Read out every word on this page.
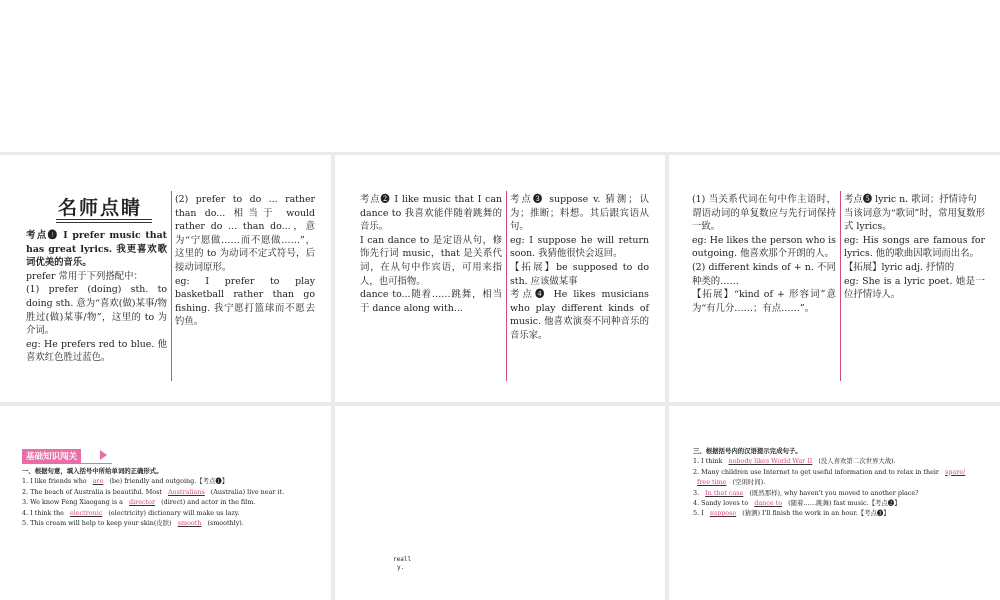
名师点睛

考点❶ I prefer music that has great lyrics. 我更喜欢歌词优美的音乐。

prefer 常用于下列搭配中：

(1) prefer (doing) sth. to doing sth. 意为“喜欢(做)某事/物胜过(做)某事/物”，这里的 to 为介词。

eg: He prefers red to blue. 他喜欢红色胜过蓝色。

(2) prefer to do ... rather than do... 相当于 would rather do ... than do...，意为“宁愿做……而不愿做……”，这里的 to 为动词不定式符号，后接动词原形。

eg: I prefer to play basketball rather than go fishing. 我宁愿打篮球而不愿去钓鱼。

考点❷ I like music that I can dance to 我喜欢能伴随着跳舞的音乐。

I can dance to 是定语从句，修饰先行词 music，that 是关系代词，在从句中作宾语，可用来指人，也可指物。

dance to...随着……跳舞，相当于 dance along with...

考点❸ suppose v. 猜测；认为；推断；料想。其后跟宾语从句。

eg: I suppose he will return soon. 我猜他很快会返回。

【拓展】be supposed to do sth. 应该做某事

考点❹ He likes musicians who play different kinds of music. 他喜欢演奏不同种音乐的音乐家。

(1) 当关系代词在句中作主语时，谓语动词的单复数应与先行词保持一致。

eg: He likes the person who is outgoing. 他喜欢那个开朗的人。

(2) different kinds of + n. 不同种类的……

【拓展】“kind of + 形容词”意为“有几分……；有点……”。

考点❺ lyric n. 歌词；抒情诗句

当该词意为“歌词”时，常用复数形式 lyrics。

eg: His songs are famous for lyrics. 他的歌曲因歌词而出名。

【拓展】lyric adj. 抒情的

eg: She is a lyric poet. 她是一位抒情诗人。

基础知识闯关

一、根据句意，填入括号中所给单词的正确形式。

1. I like friends who are (be) friendly and outgoing.【考点❶】

2. The beach of Australia is beautiful. Most Australians (Australia) live near it.

3. We know Feng Xiaogang is a director (direct) and actor in the film.

4. I think the electronic (electricity) dictionary will make us lazy.

5. This cream will help to keep your skin(皮肤) smooth (smoothly).

reall
y.

三、根据括号内的汉语提示完成句子。

1. I think nobody likes World War II (没人喜欢第二次世界大战).

2. Many children use Internet to get useful information and to relax in their spare/

free time (空闲时间).

3. In that case (既然那样), why haven't you moved to another place?

4. Sandy loves to dance to (随着……跳舞) fast music.【考点❷】

5. I suppose (猜测) I'll finish the work in an hour.【考点❸】
